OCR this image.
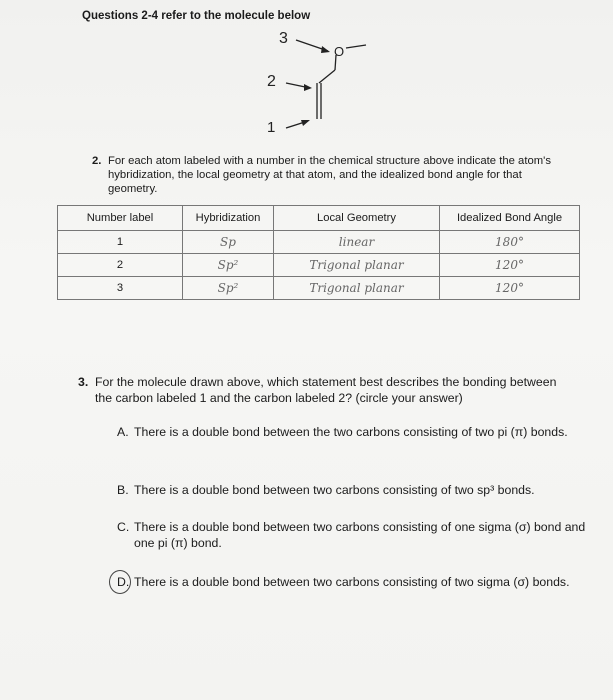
Questions 2-4 refer to the molecule below
3
2
1
O
2. For each atom labeled with a number in the chemical structure above indicate the atom's hybridization, the local geometry at that atom, and the idealized bond angle for that geometry.
Number label	Hybridization	Local Geometry	Idealized Bond Angle
1	Sp	linear	180°
2	Sp²	Trigonal planar	120°
3	Sp²	Trigonal planar	120°
3. For the molecule drawn above, which statement best describes the bonding between the carbon labeled 1 and the carbon labeled 2? (circle your answer)
A. There is a double bond between the two carbons consisting of two pi (π) bonds.
B. There is a double bond between two carbons consisting of two sp³ bonds.
C. There is a double bond between two carbons consisting of one sigma (σ) bond and one pi (π) bond.
D. There is a double bond between two carbons consisting of two sigma (σ) bonds.
